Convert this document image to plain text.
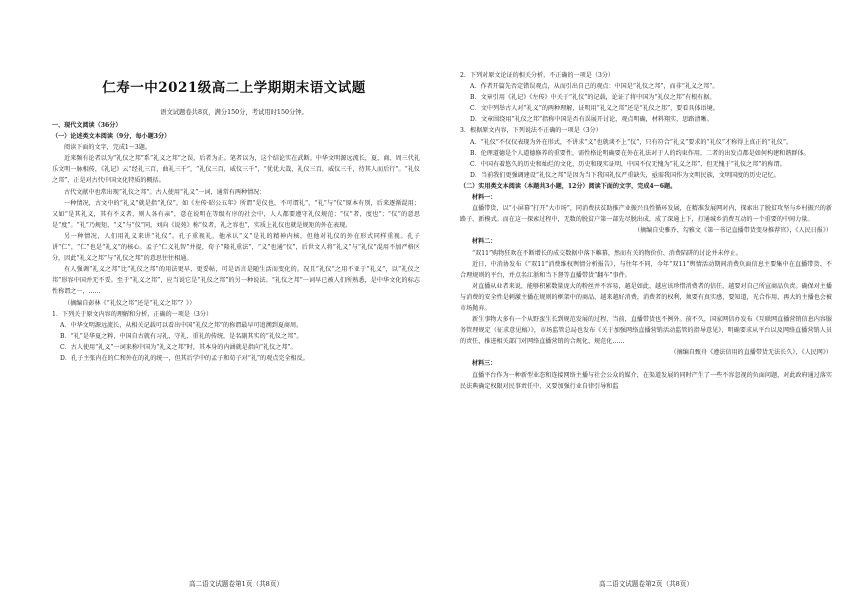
仁寿一中2021级高二上学期期末语文试题
语文试题卷共8页，满分150分，考试用时150分钟。

一、现代文阅读（36分）

（一）论述类文本阅读（9分，每小题3分）

阅读下面的文字，完成1～3题。

近来频有论者以为“礼仪之邦”系“礼义之邦”之误，后者为正。笔者以为，这个结论实在武断。中华文明源远流长，夏、商、周三代礼乐文明一脉相传，《礼记》云“经礼三百，曲礼三千”，“礼仪三百，威仪三千”，“优优大哉，礼仪三百，威仪三千，待其人而后行”。“礼仪之邦”，正是对古代中国文化特质的概括。

古代文献中也常出现“礼仪之邦”。古人使用“礼义”一词，通常有两种情况：

一种情况，古文中的“礼义”就是指“礼仪”。如《左传·昭公五年》所谓“是仪也，不可谓礼”，“礼”与“仪”原本有别，后来逐渐混用；又如“是其礼义，其有不义者，则人各有亲”，意在说明在等级有序的社会中，人人都要遵守礼仪规范；“仪”者，度也”；“仪”的意思是“度”。“礼”乃规矩，“义”与“仪”同，刘向《说苑》称“仪者，礼之容也”，实质上礼仪也就是规矩的外在表现。

另一种情况，人们用礼义来讲“礼仪”。孔子重视礼，他承认“义”是礼的精神内核，但他对礼仪的外在形式同样重视。孔子讲“仁”，“仁”也是“礼义”的核心。孟子“仁义礼智”并提，荀子“隆礼重法”，“义”也通“仪”，后世文人将“礼义”与“礼仪”混用不加严格区分，因此“礼义之邦”与“礼仪之邦”的意思往往相通。

有人强调“礼义之邦”比“礼仪之邦”的用法更早、更妥帖，可是语言是随生活而变化的。况且“礼仪”之用不亚于“礼义”，以“礼仪之邦”形容中国并无不妥。至于“礼义之邦”，应当说它是“礼仪之邦”的另一种说法。“礼仪之邦”一词早已被人们所熟悉，是中华文化的标志性称谓之一，……

（摘编自彭林《“礼仪之邦”还是“礼义之邦”？》）

1．下列关于原文内容的理解和分析，正确的一项是（3分）

A．中华文明源远流长，从相关记载可以看出中国“礼仪之邦”的称谓最早可追溯到夏商周。

B．“礼”是华夏之粹，中国自古就有习礼、守礼、重礼的传统，是名副其实的“礼仪之邦”。

C．古人使用“礼义”一词来称中国为“礼义之邦”时，其本身的内涵就是指向“礼仪之邦”。

D．孔子主张内在的仁和外在的礼的统一，但其后学中的孟子和荀子对“礼”的观点完全相反。

2．下列对原文论证的相关分析，不正确的一项是（3分）

A．作者开篇先否定错误观点，从而引出自己的观点：中国是“礼仪之邦”，而非“礼义之邦”。

B．文章引用《礼记》《左传》中关于“礼仪”的记载，论证了将中国为“礼仪之邦”有根有据。

C．文中列举古人对“礼义”的两种理解，证明用“礼义之邦”还是“礼仪之邦”，要看具体语境。

D．文章围绕用“礼仪之邦”指称中国是否有误展开讨论，观点明确，材料翔实，思路清晰。

3．根据原文内容，下列说法不正确的一项是（3分）

A．“礼仪”不仅仅表现为外在形式，不讲求“义”也就谈不上“仪”，只有符合“礼义”要求的“礼仪”才称得上真正的“礼仪”。

B．伦理道德是个人道德修养的重要性，需性格论明确要在外在礼法对于人的约束作用，二者的出发点都是如何构建和谐群体。

C．中国有着悠久的历史和灿烂的文化，历史和现实证明，中国不仅无愧为“礼义之邦”，但无愧于“礼仪之邦”的称谓。

D．当前我们更强调建设“礼仪之邦”是因为当下我国礼仪严重缺失，亟需我国作为文明民族，文明国度的历史记忆。

（二）实用类文本阅读（本题共3小题，12分）阅读下面的文字，完成4～6题。

材料一：

直播带货，以“小屏幕”打开“大市场”，同消费扶贫助推产业振兴良性循环发展，在精准发展网对内，探索出了脱贫攻坚与乡村振兴的新路子、新模式。而在这一探索过程中，无数的脱贫户第一部先尽脱出成，成了深通上下，打通城乡消费互动的一个重要的中间力量。

（摘编自史雅乔、勾雅文《第一书记直播带货变身推荐官》，《人民日报》）

材料二：

“双11”购物狂欢在不断增长的成交数据中落下帷幕，然而有关的物价价、消费陷阱的讨论并未停止。

近日，中消协发布《“双11”消费维权舆情分析报告》，与往年不同，今年“双11”舆情活动期间消费负面信息主要集中在直播带货、不合理规则的平台，并点名江浙和当下督等直播带货“翻车”事件。

对直播从业者来说，能够积累数量庞大的粉丝并不容易，越是如此，越应该珍惜消费者的信任，越要对自己所宣商品负责。确保对主播与消费的安全性是刺激主播在规则的框架中的商品，越来越好消费，消费者的权利，须要有真实感，要知道，光合作用，再大的主播也会被市场抛弃。

新生事物大多有一个从野蛮生长到规范发展的过程，当前，直播带货也不例外。前不久，国家网信办发布《互联网直播营销信息内容服务管理规定（征求意见稿）》，市场监管总局也发布《关于加强网络直播营销活动监管的指导意见》，明确要求从平台以及网络直播营销人员的责任，推进相关部门对网络直播营销的合规化、规范化……

（摘编自甄舟《遵法信用的直播带货无法长久》，《人民网》）

材料三：

直播平台作为一种新型业态和连接网络主播与社会公众的媒介，在渠道发展的同时产生了一些不容忽视的负面问题，对此政府通过落实民法典确定权限对民事责任中，又要加强行业自律引导和监

高二语文试题卷第1页（共8页）	高二语文试题卷第2页（共8页）
